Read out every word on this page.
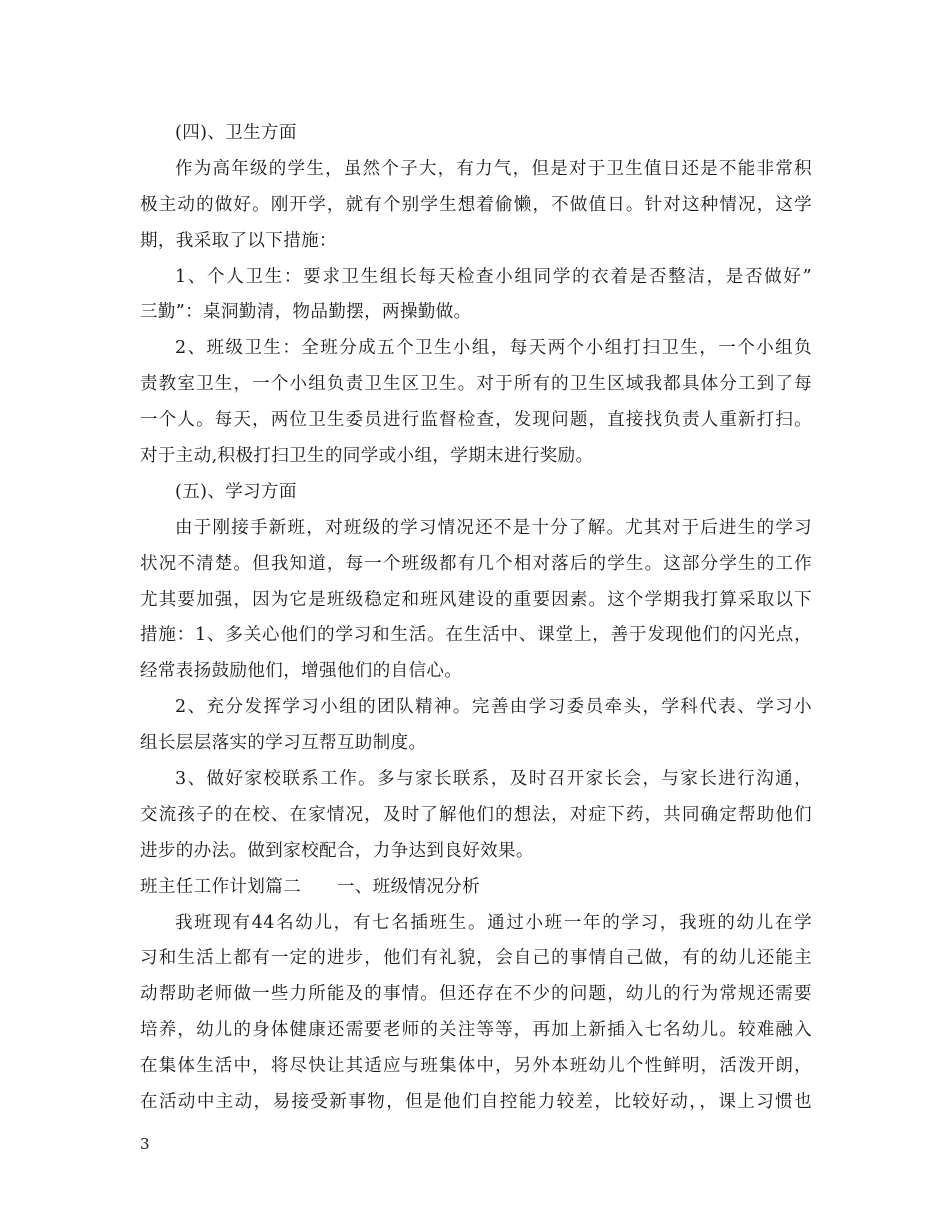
(四)、卫生方面
作为高年级的学生，虽然个子大，有力气，但是对于卫生值日还是不能非常积
极主动的做好。刚开学，就有个别学生想着偷懒，不做值日。针对这种情况，这学
期，我采取了以下措施：
1、个人卫生：要求卫生组长每天检查小组同学的衣着是否整洁，是否做好”
三勤”：桌洞勤清，物品勤摆，两操勤做。
2、班级卫生：全班分成五个卫生小组，每天两个小组打扫卫生，一个小组负
责教室卫生，一个小组负责卫生区卫生。对于所有的卫生区域我都具体分工到了每
一个人。每天，两位卫生委员进行监督检查，发现问题，直接找负责人重新打扫。
对于主动,积极打扫卫生的同学或小组，学期末进行奖励。
(五)、学习方面
由于刚接手新班，对班级的学习情况还不是十分了解。尤其对于后进生的学习
状况不清楚。但我知道，每一个班级都有几个相对落后的学生。这部分学生的工作
尤其要加强，因为它是班级稳定和班风建设的重要因素。这个学期我打算采取以下
措施：1、多关心他们的学习和生活。在生活中、课堂上，善于发现他们的闪光点，
经常表扬鼓励他们，增强他们的自信心。
2、充分发挥学习小组的团队精神。完善由学习委员牵头，学科代表、学习小
组长层层落实的学习互帮互助制度。
3、做好家校联系工作。多与家长联系，及时召开家长会，与家长进行沟通，
交流孩子的在校、在家情况，及时了解他们的想法，对症下药，共同确定帮助他们
进步的办法。做到家校配合，力争达到良好效果。
班主任工作计划篇二　　一、班级情况分析
我班现有44名幼儿，有七名插班生。通过小班一年的学习，我班的幼儿在学
习和生活上都有一定的进步，他们有礼貌，会自己的事情自己做，有的幼儿还能主
动帮助老师做一些力所能及的事情。但还存在不少的问题，幼儿的行为常规还需要
培养，幼儿的身体健康还需要老师的关注等等，再加上新插入七名幼儿。较难融入
在集体生活中，将尽快让其适应与班集体中，另外本班幼儿个性鲜明，活泼开朗，
在活动中主动，易接受新事物，但是他们自控能力较差，比较好动，，课上习惯也
3
